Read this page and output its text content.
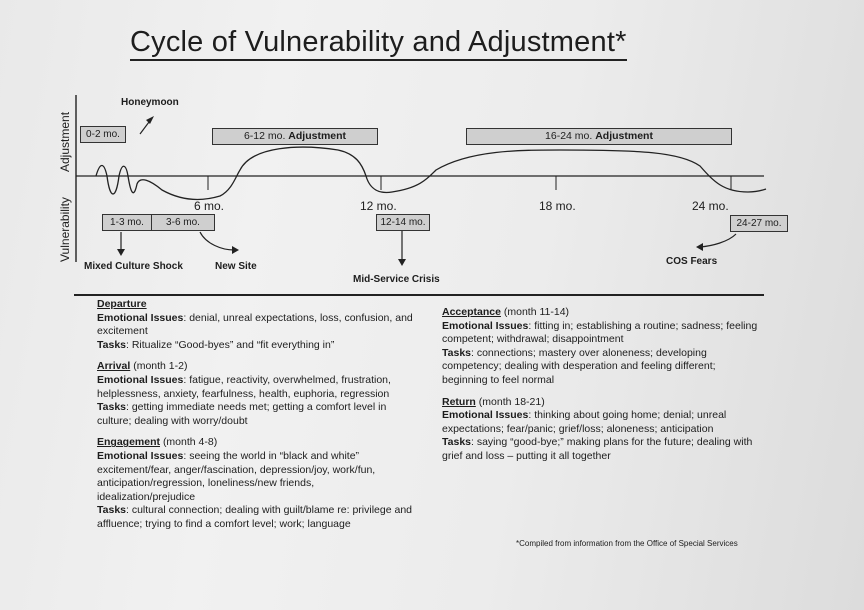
Cycle of Vulnerability and Adjustment*
Adjustment
Vulnerability	6 mo.	12 mo.	18 mo.	24 mo.
0-2 mo.	6-12 mo. Adjustment	16-24 mo. Adjustment
1-3 mo.	3-6 mo.	12-14 mo.	24-27 mo.
Honeymoon
Mixed Culture Shock	New Site
Mid-Service Crisis
COS Fears
Departure
Emotional Issues: denial, unreal expectations, loss, confusion, and excitement
Tasks: Ritualize “Good-byes” and “fit everything in”
Arrival (month 1-2)
Emotional Issues: fatigue, reactivity, overwhelmed, frustration, helplessness, anxiety, fearfulness, health, euphoria, regression
Tasks: getting immediate needs met; getting a comfort level in culture; dealing with worry/doubt
Engagement (month 4-8)
Emotional Issues: seeing the world in “black and white” excitement/fear, anger/fascination, depression/joy, work/fun, anticipation/regression, loneliness/new friends, idealization/prejudice
Tasks: cultural connection; dealing with guilt/blame re: privilege and affluence; trying to find a comfort level; work; language
Acceptance (month 11-14)
Emotional Issues: fitting in; establishing a routine; sadness; feeling competent; withdrawal; disappointment
Tasks: connections; mastery over aloneness; developing competency; dealing with desperation and feeling different; beginning to feel normal
Return (month 18-21)
Emotional Issues: thinking about going home; denial; unreal expectations; fear/panic; grief/loss; aloneness; anticipation
Tasks: saying “good-bye;” making plans for the future; dealing with grief and loss – putting it all together
*Compiled from information from the Office of Special Services
